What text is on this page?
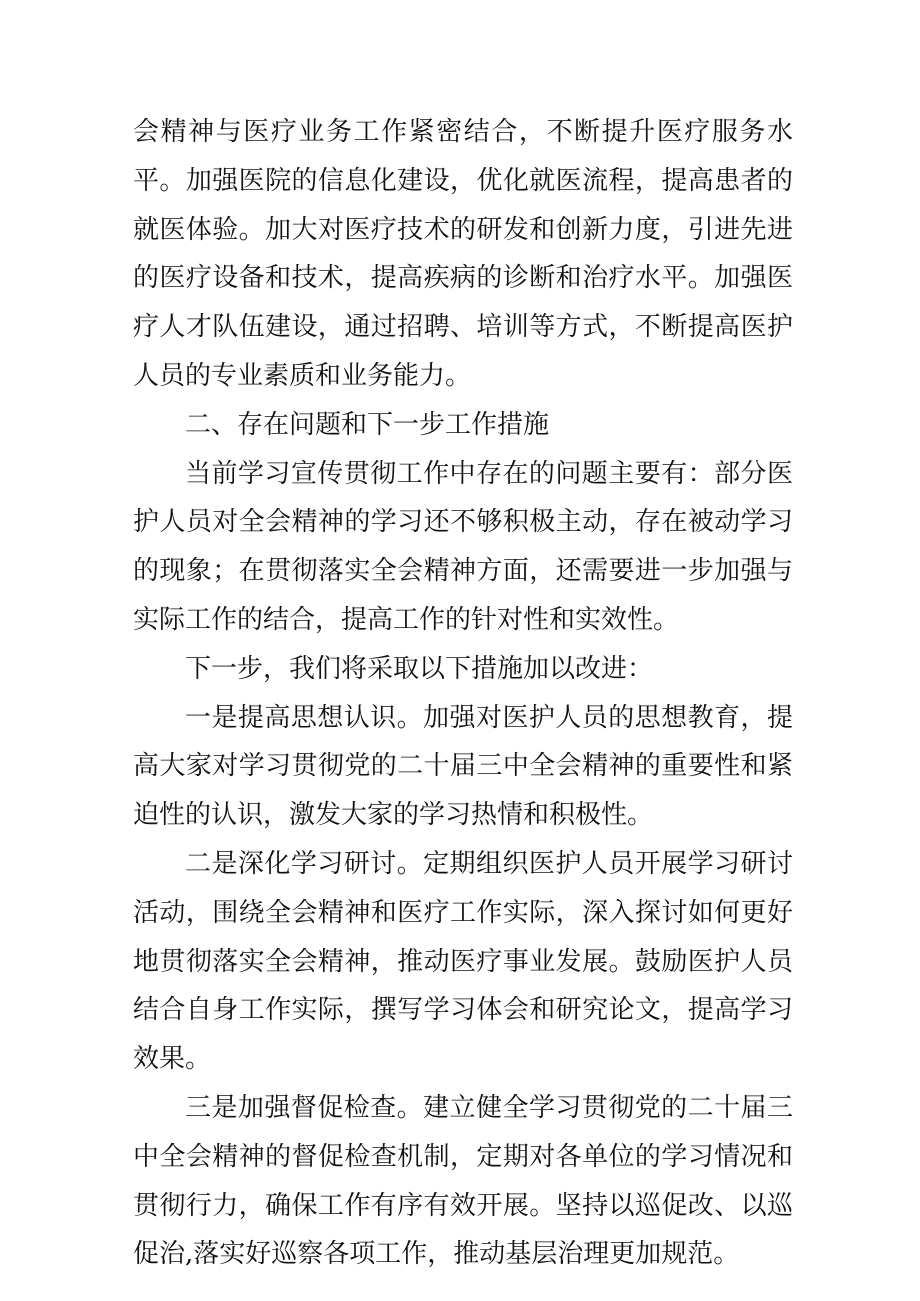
会精神与医疗业务工作紧密结合，不断提升医疗服务水平。加强医院的信息化建设，优化就医流程，提高患者的就医体验。加大对医疗技术的研发和创新力度，引进先进的医疗设备和技术，提高疾病的诊断和治疗水平。加强医疗人才队伍建设，通过招聘、培训等方式，不断提高医护人员的专业素质和业务能力。

二、存在问题和下一步工作措施

当前学习宣传贯彻工作中存在的问题主要有：部分医护人员对全会精神的学习还不够积极主动，存在被动学习的现象；在贯彻落实全会精神方面，还需要进一步加强与实际工作的结合，提高工作的针对性和实效性。

下一步，我们将采取以下措施加以改进：

一是提高思想认识。加强对医护人员的思想教育，提高大家对学习贯彻党的二十届三中全会精神的重要性和紧迫性的认识，激发大家的学习热情和积极性。

二是深化学习研讨。定期组织医护人员开展学习研讨活动，围绕全会精神和医疗工作实际，深入探讨如何更好地贯彻落实全会精神，推动医疗事业发展。鼓励医护人员结合自身工作实际，撰写学习体会和研究论文，提高学习效果。

三是加强督促检查。建立健全学习贯彻党的二十届三中全会精神的督促检查机制，定期对各单位的学习情况和贯彻行力，确保工作有序有效开展。坚持以巡促改、以巡促治,落实好巡察各项工作，推动基层治理更加规范。
